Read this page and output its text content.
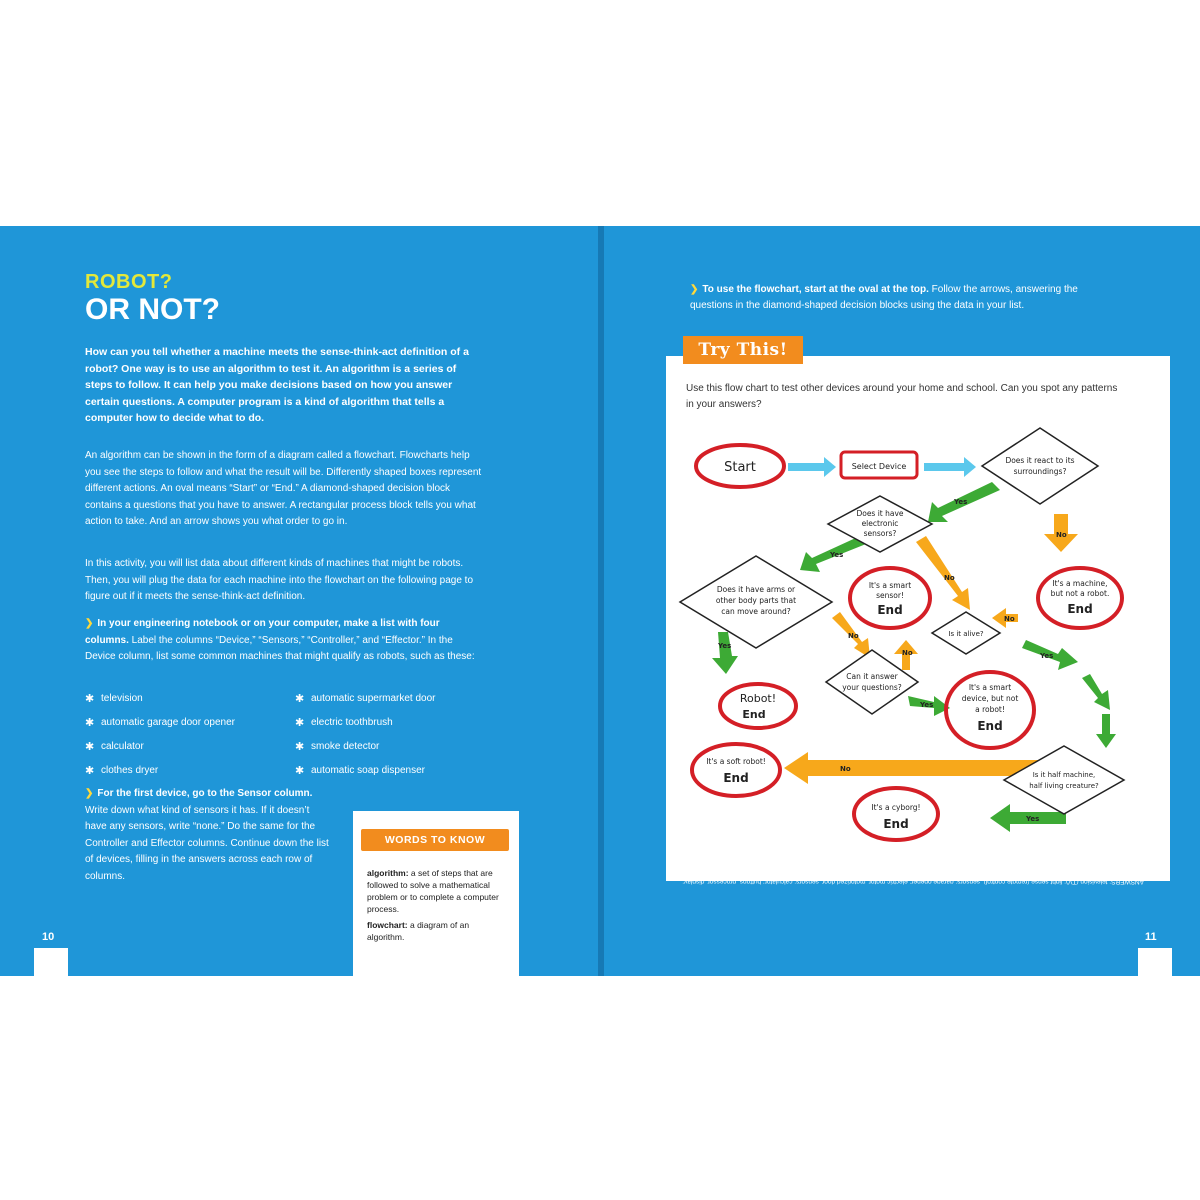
ROBOT?
OR NOT?
How can you tell whether a machine meets the sense-think-act definition of a robot? One way is to use an algorithm to test it. An algorithm is a series of steps to follow. It can help you make decisions based on how you answer certain questions. A computer program is a kind of algorithm that tells a computer how to decide what to do.
An algorithm can be shown in the form of a diagram called a flowchart. Flowcharts help you see the steps to follow and what the result will be. Differently shaped boxes represent different actions. An oval means “Start” or “End.” A diamond-shaped decision block contains a questions that you have to answer. A rectangular process block tells you what action to take. And an arrow shows you what order to go in.
In this activity, you will list data about different kinds of machines that might be robots. Then, you will plug the data for each machine into the flowchart on the following page to figure out if it meets the sense-think-act definition.
❯ In your engineering notebook or on your computer, make a list with four columns. Label the columns “Device,” “Sensors,” “Controller,” and “Effector.” In the Device column, list some common machines that might qualify as robots, such as these:
✱ television
✱ automatic garage door opener
✱ calculator
✱ clothes dryer
✱ automatic supermarket door
✱ electric toothbrush
✱ smoke detector
✱ automatic soap dispenser
❯ For the first device, go to the Sensor column. Write down what kind of sensors it has. If it doesn’t have any sensors, write “none.” Do the same for the Controller and Effector columns. Continue down the list of devices, filling in the answers across each row of columns.
10
WORDS TO KNOW
algorithm: a set of steps that are followed to solve a mathematical problem or to complete a computer process.
flowchart: a diagram of an algorithm.
❯ To use the flowchart, start at the oval at the top. Follow the arrows, answering the questions in the diamond-shaped decision blocks using the data in your list.
Start	Select Device
Does it react to its
surroundings?
Does it have
electronic
sensors?
Does it have arms or
other body parts that
can move around?
Is it alive?
Can it answer
your questions?
Is it half machine,
half living creature?
It's a smart
sensor!
End
It's a machine,
but not a robot.
End
Robot!
End
It's a smart
device, but not
a robot!
End
It's a soft robot!
End
It's a cyborg!
End
Yes
Yes
Yes
Yes
Yes
Yes
No
No
No
No
No
No
Try This!
Use this flow chart to test other devices around your home and school. Can you spot any patterns in your answers?
ANSWERS: television (TV): light sense (remote control), sensors; garage opener: electric motor, motorized door, sensors; calculator: buttons, processor, display; clothes dryer: heat sensor, timer, motor; supermarket door: motion sensor, controller, motor; toothbrush: motor; smoke detector: smoke sensor, controller, alarm; soap dispenser: motion sensor, controller, pump.
11
